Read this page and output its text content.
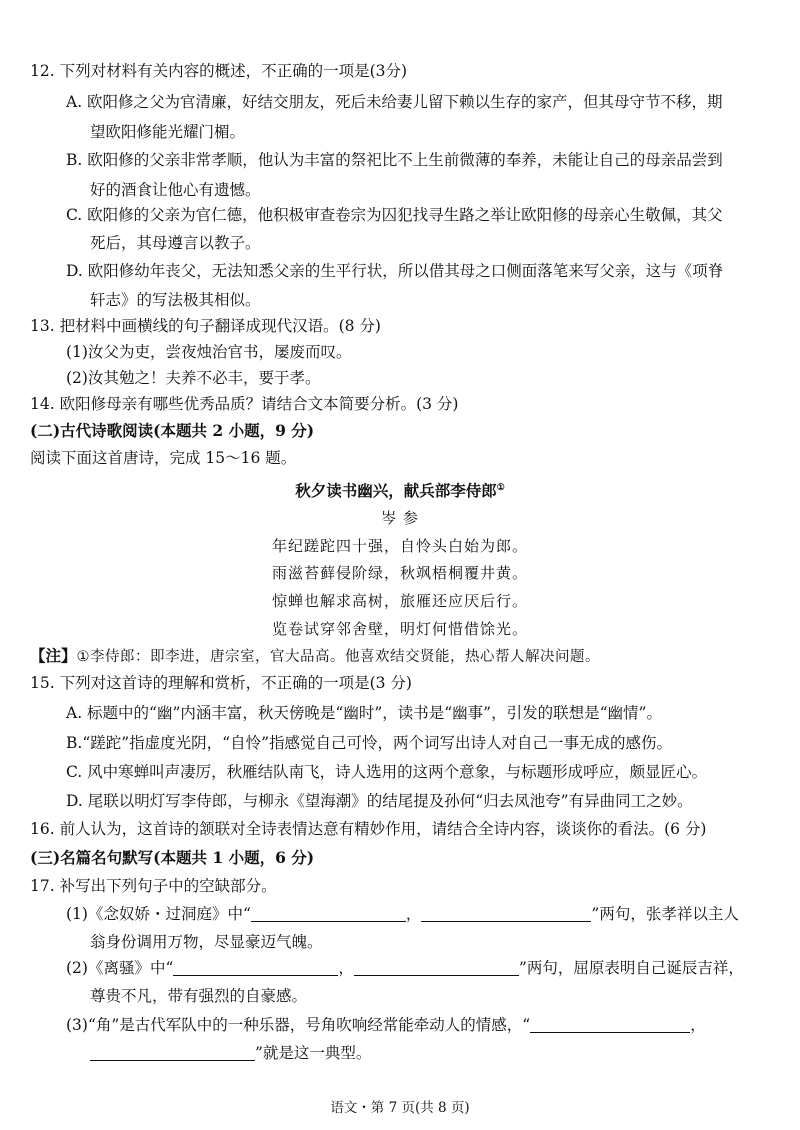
12. 下列对材料有关内容的概述，不正确的一项是(3分)
A. 欧阳修之父为官清廉，好结交朋友，死后未给妻儿留下赖以生存的家产，但其母守节不移，期
望欧阳修能光耀门楣。
B. 欧阳修的父亲非常孝顺，他认为丰富的祭祀比不上生前微薄的奉养，未能让自己的母亲品尝到
好的酒食让他心有遗憾。
C. 欧阳修的父亲为官仁德，他积极审查卷宗为囚犯找寻生路之举让欧阳修的母亲心生敬佩，其父
死后，其母遵言以教子。
D. 欧阳修幼年丧父，无法知悉父亲的生平行状，所以借其母之口侧面落笔来写父亲，这与《项脊
轩志》的写法极其相似。
13. 把材料中画横线的句子翻译成现代汉语。(8 分)
(1)汝父为吏，尝夜烛治官书，屡废而叹。
(2)汝其勉之！夫养不必丰，要于孝。
14. 欧阳修母亲有哪些优秀品质？请结合文本简要分析。(3 分)
(二)古代诗歌阅读(本题共 2 小题，9 分)
阅读下面这首唐诗，完成 15～16 题。
秋夕读书幽兴，献兵部李侍郎①
岑 参
年纪蹉跎四十强，自怜头白始为郎。
雨滋苔藓侵阶绿，秋飒梧桐覆井黄。
惊蝉也解求高树，旅雁还应厌后行。
览卷试穿邻舍壁，明灯何惜借馀光。
【注】①李侍郎：即李进，唐宗室，官大品高。他喜欢结交贤能，热心帮人解决问题。
15. 下列对这首诗的理解和赏析，不正确的一项是(3 分)
A. 标题中的“幽”内涵丰富，秋天傍晚是“幽时”，读书是“幽事”，引发的联想是“幽情”。
B.“蹉跎”指虚度光阴，“自怜”指感觉自己可怜，两个词写出诗人对自己一事无成的感伤。
C. 风中寒蝉叫声凄厉，秋雁结队南飞，诗人选用的这两个意象，与标题形成呼应，颇显匠心。
D. 尾联以明灯写李侍郎，与柳永《望海潮》的结尾提及孙何“归去凤池夸”有异曲同工之妙。
16. 前人认为，这首诗的颔联对全诗表情达意有精妙作用，请结合全诗内容，谈谈你的看法。(6 分)
(三)名篇名句默写(本题共 1 小题，6 分)
17. 补写出下列句子中的空缺部分。
(1)《念奴娇・过洞庭》中“	，	”两句，张孝祥以主人
翁身份调用万物，尽显豪迈气魄。
(2)《离骚》中“	，	”两句，屈原表明自己诞辰吉祥，
尊贵不凡，带有强烈的自豪感。
(3)“角”是古代军队中的一种乐器，号角吹响经常能牵动人的情感，“	，
”就是这一典型。
语文・第 7 页(共 8 页)
